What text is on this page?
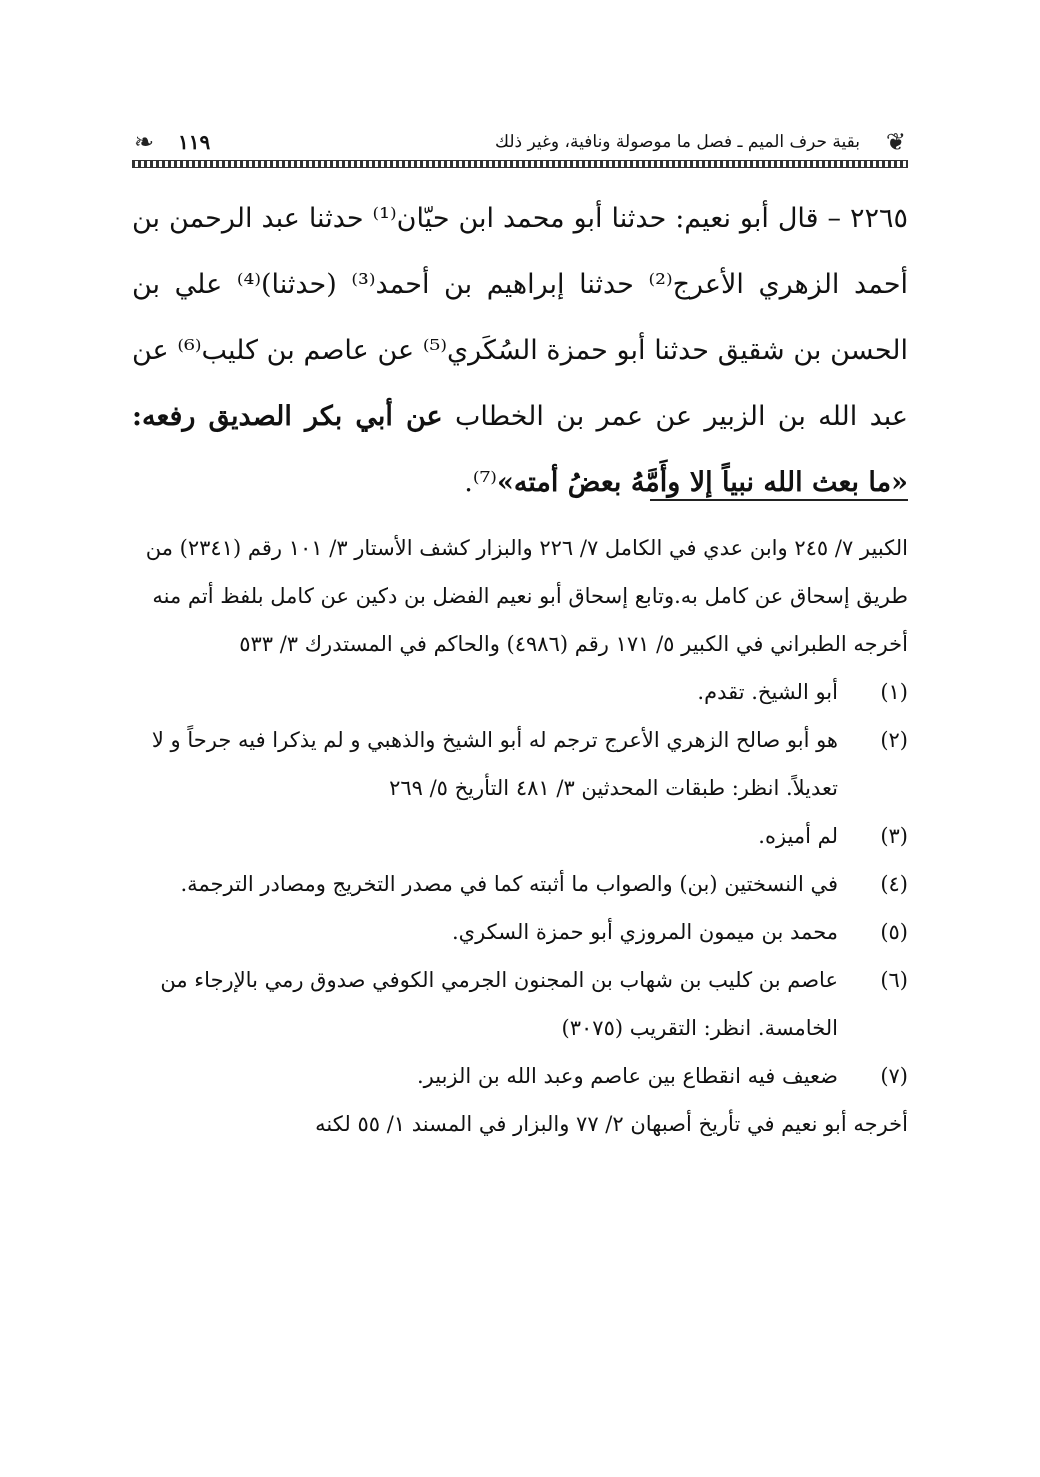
❦
بقية حرف الميم ـ فصل ما موصولة ونافية، وغير ذلك
١١٩
❧

٢٢٦٥ – قال أبو نعيم: حدثنا أبو محمد ابن حيّان⁽¹⁾ حدثنا عبد الرحمن بن أحمد الزهري الأعرج⁽²⁾ حدثنا إبراهيم بن أحمد⁽³⁾ (حدثنا)⁽⁴⁾ علي بن الحسن بن شقيق حدثنا أبو حمزة السُكَري⁽⁵⁾ عن عاصم بن كليب⁽⁶⁾ عن عبد الله بن الزبير عن عمر بن الخطاب عن أبي بكر الصديق رفعه: «ما بعث الله نبياً إلا وأَمَّهُ بعضُ أمته»⁽⁷⁾.

الكبير ٧/ ٢٤٥ وابن عدي في الكامل ٧/ ٢٢٦ والبزار كشف الأستار ٣/ ١٠١ رقم (٢٣٤١) من طريق إسحاق عن كامل به.وتابع إسحاق أبو نعيم الفضل بن دكين عن كامل بلفظ أتم منه أخرجه الطبراني في الكبير ٥/ ١٧١ رقم (٤٩٨٦) والحاكم في المستدرك ٣/ ٥٣٣

(١)
أبو الشيخ. تقدم.

(٢)
هو أبو صالح الزهري الأعرج ترجم له أبو الشيخ والذهبي و لم يذكرا فيه جرحاً و لا تعديلاً. انظر: طبقات المحدثين ٣/ ٤٨١ التأريخ ٥/ ٢٦٩

(٣)
لم أميزه.

(٤)
في النسختين (بن) والصواب ما أثبته كما في مصدر التخريج ومصادر الترجمة.

(٥)
محمد بن ميمون المروزي أبو حمزة السكري.

(٦)
عاصم بن كليب بن شهاب بن المجنون الجرمي الكوفي صدوق رمي بالإرجاء من الخامسة. انظر: التقريب (٣٠٧٥)

(٧)
ضعيف فيه انقطاع بين عاصم وعبد الله بن الزبير.

أخرجه أبو نعيم في تأريخ أصبهان ٢/ ٧٧ والبزار في المسند ١/ ٥٥ لكنه
